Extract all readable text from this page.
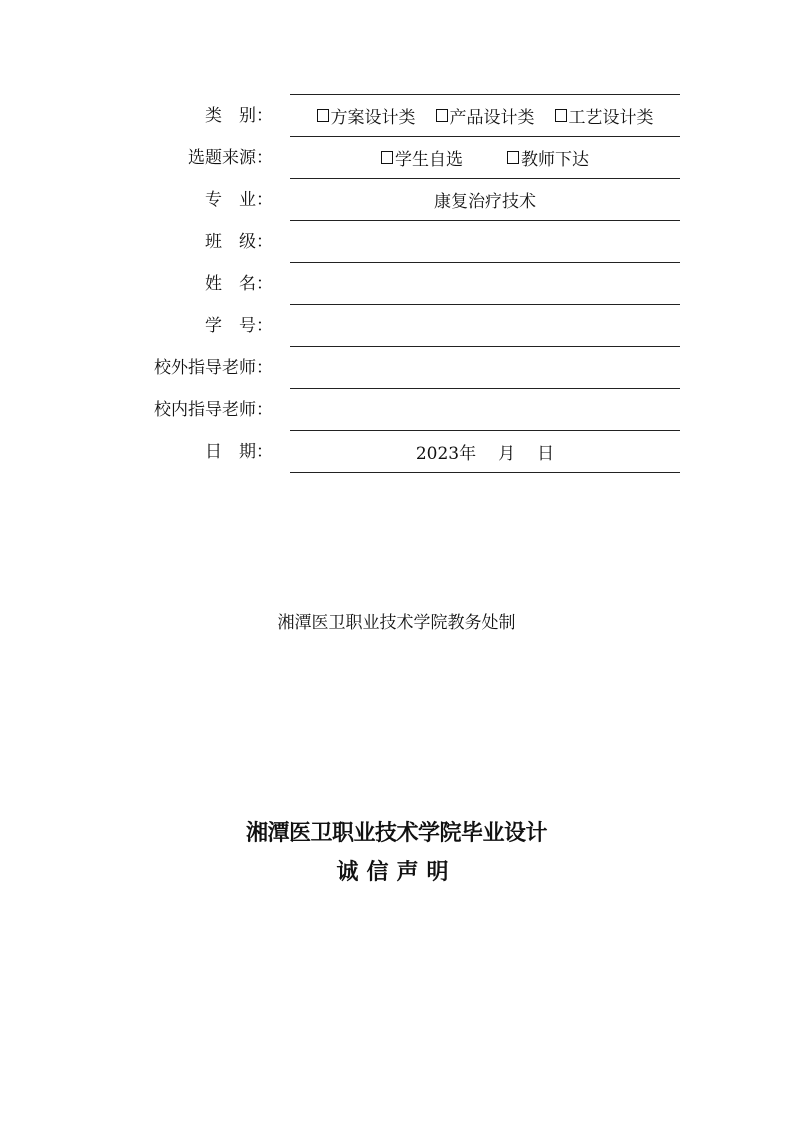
类　别：	方案设计类 产品设计类 工艺设计类
选题来源：	学生自选	教师下达
专　业：	康复治疗技术
班　级：
姓　名：
学　号：
校外指导老师：
校内指导老师：
日　期：	2023年 月 日
湘潭医卫职业技术学院教务处制
湘潭医卫职业技术学院毕业设计
诚信声明
